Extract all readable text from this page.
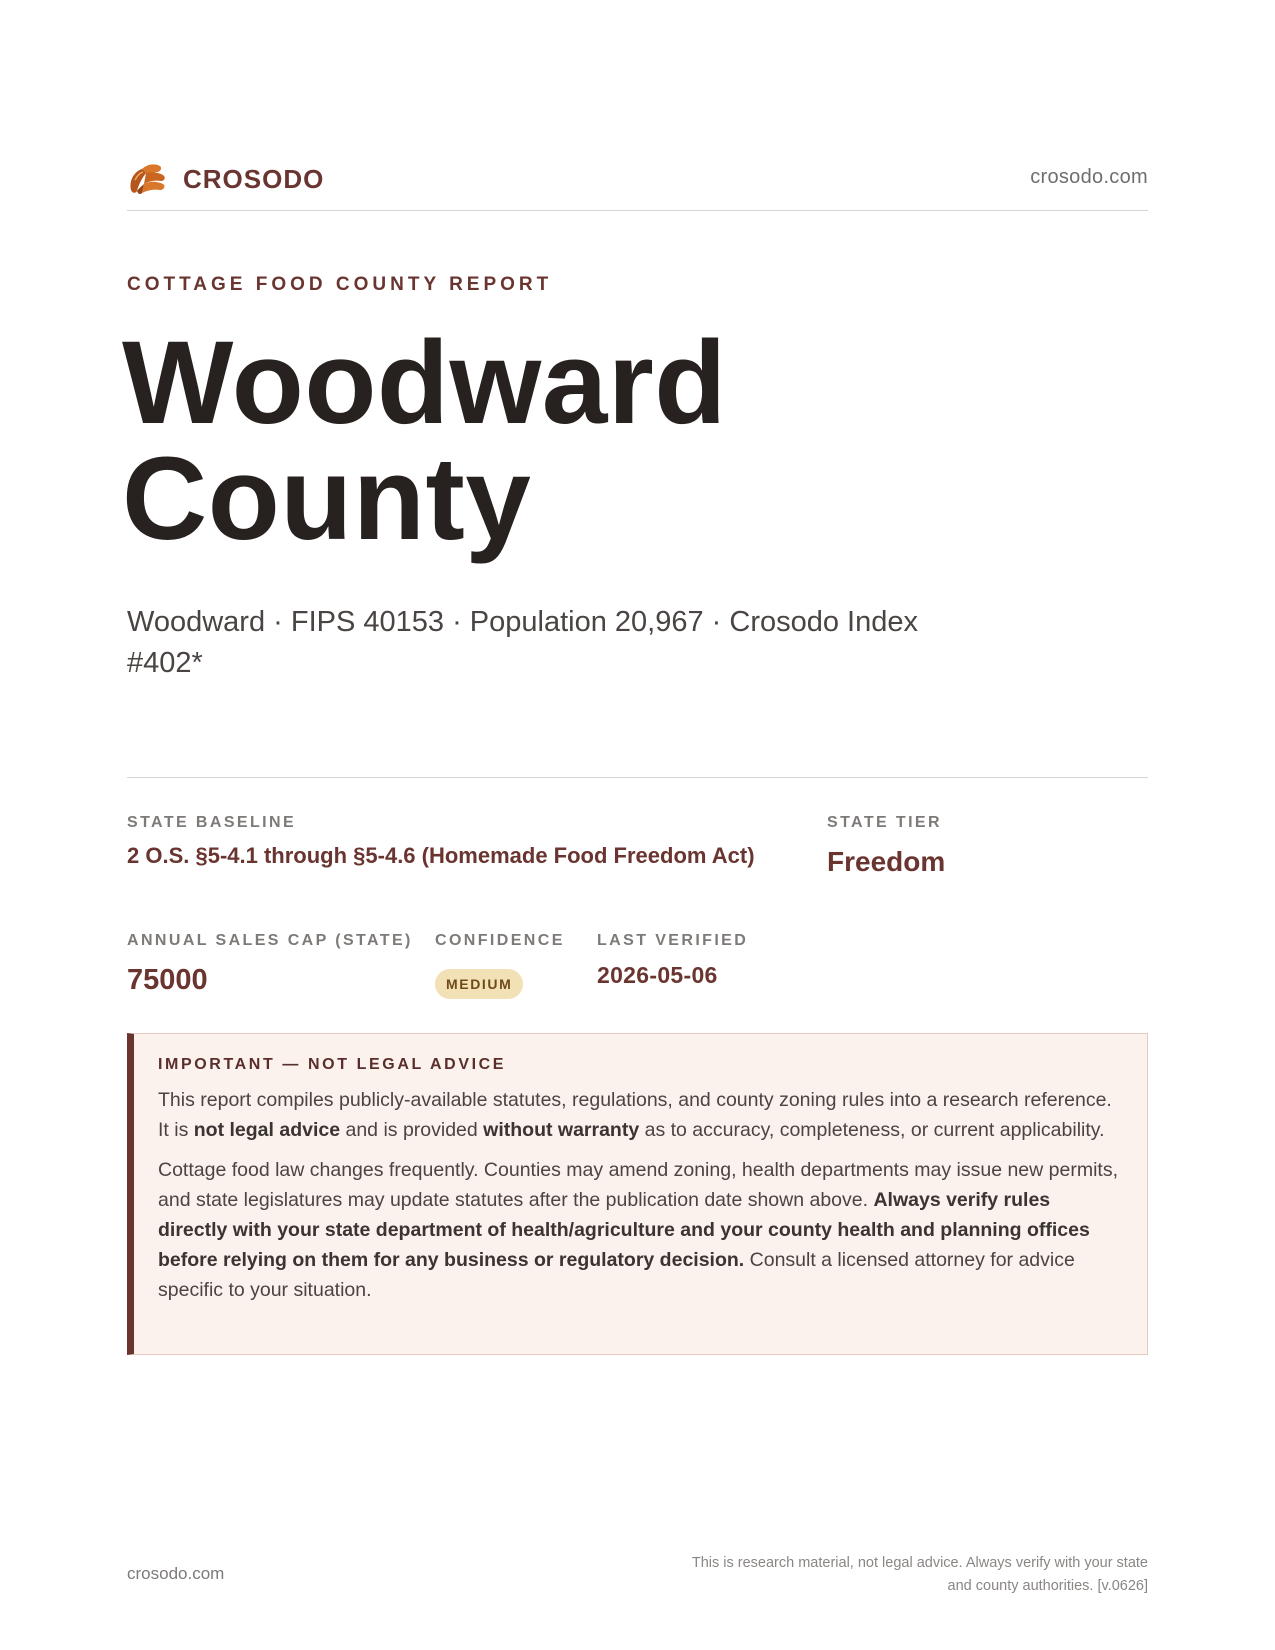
CROSODO	crosodo.com
COTTAGE FOOD COUNTY REPORT
Woodward
County

Woodward · FIPS 40153 · Population 20,967 · Crosodo Index #402*

STATE BASELINE
2 O.S. §5-4.1 through §5-4.6 (Homemade Food Freedom Act)
STATE TIER
Freedom
ANNUAL SALES CAP (STATE)
75000
CONFIDENCE
MEDIUM
LAST VERIFIED
2026-05-06
IMPORTANT — NOT LEGAL ADVICE

This report compiles publicly-available statutes, regulations, and county zoning rules into a research reference. It is not legal advice and is provided without warranty as to accuracy, completeness, or current applicability.

Cottage food law changes frequently. Counties may amend zoning, health departments may issue new permits, and state legislatures may update statutes after the publication date shown above. Always verify rules directly with your state department of health/agriculture and your county health and planning offices before relying on them for any business or regulatory decision. Consult a licensed attorney for advice specific to your situation.

crosodo.com
This is research material, not legal advice. Always verify with your state
and county authorities. [v.0626]
